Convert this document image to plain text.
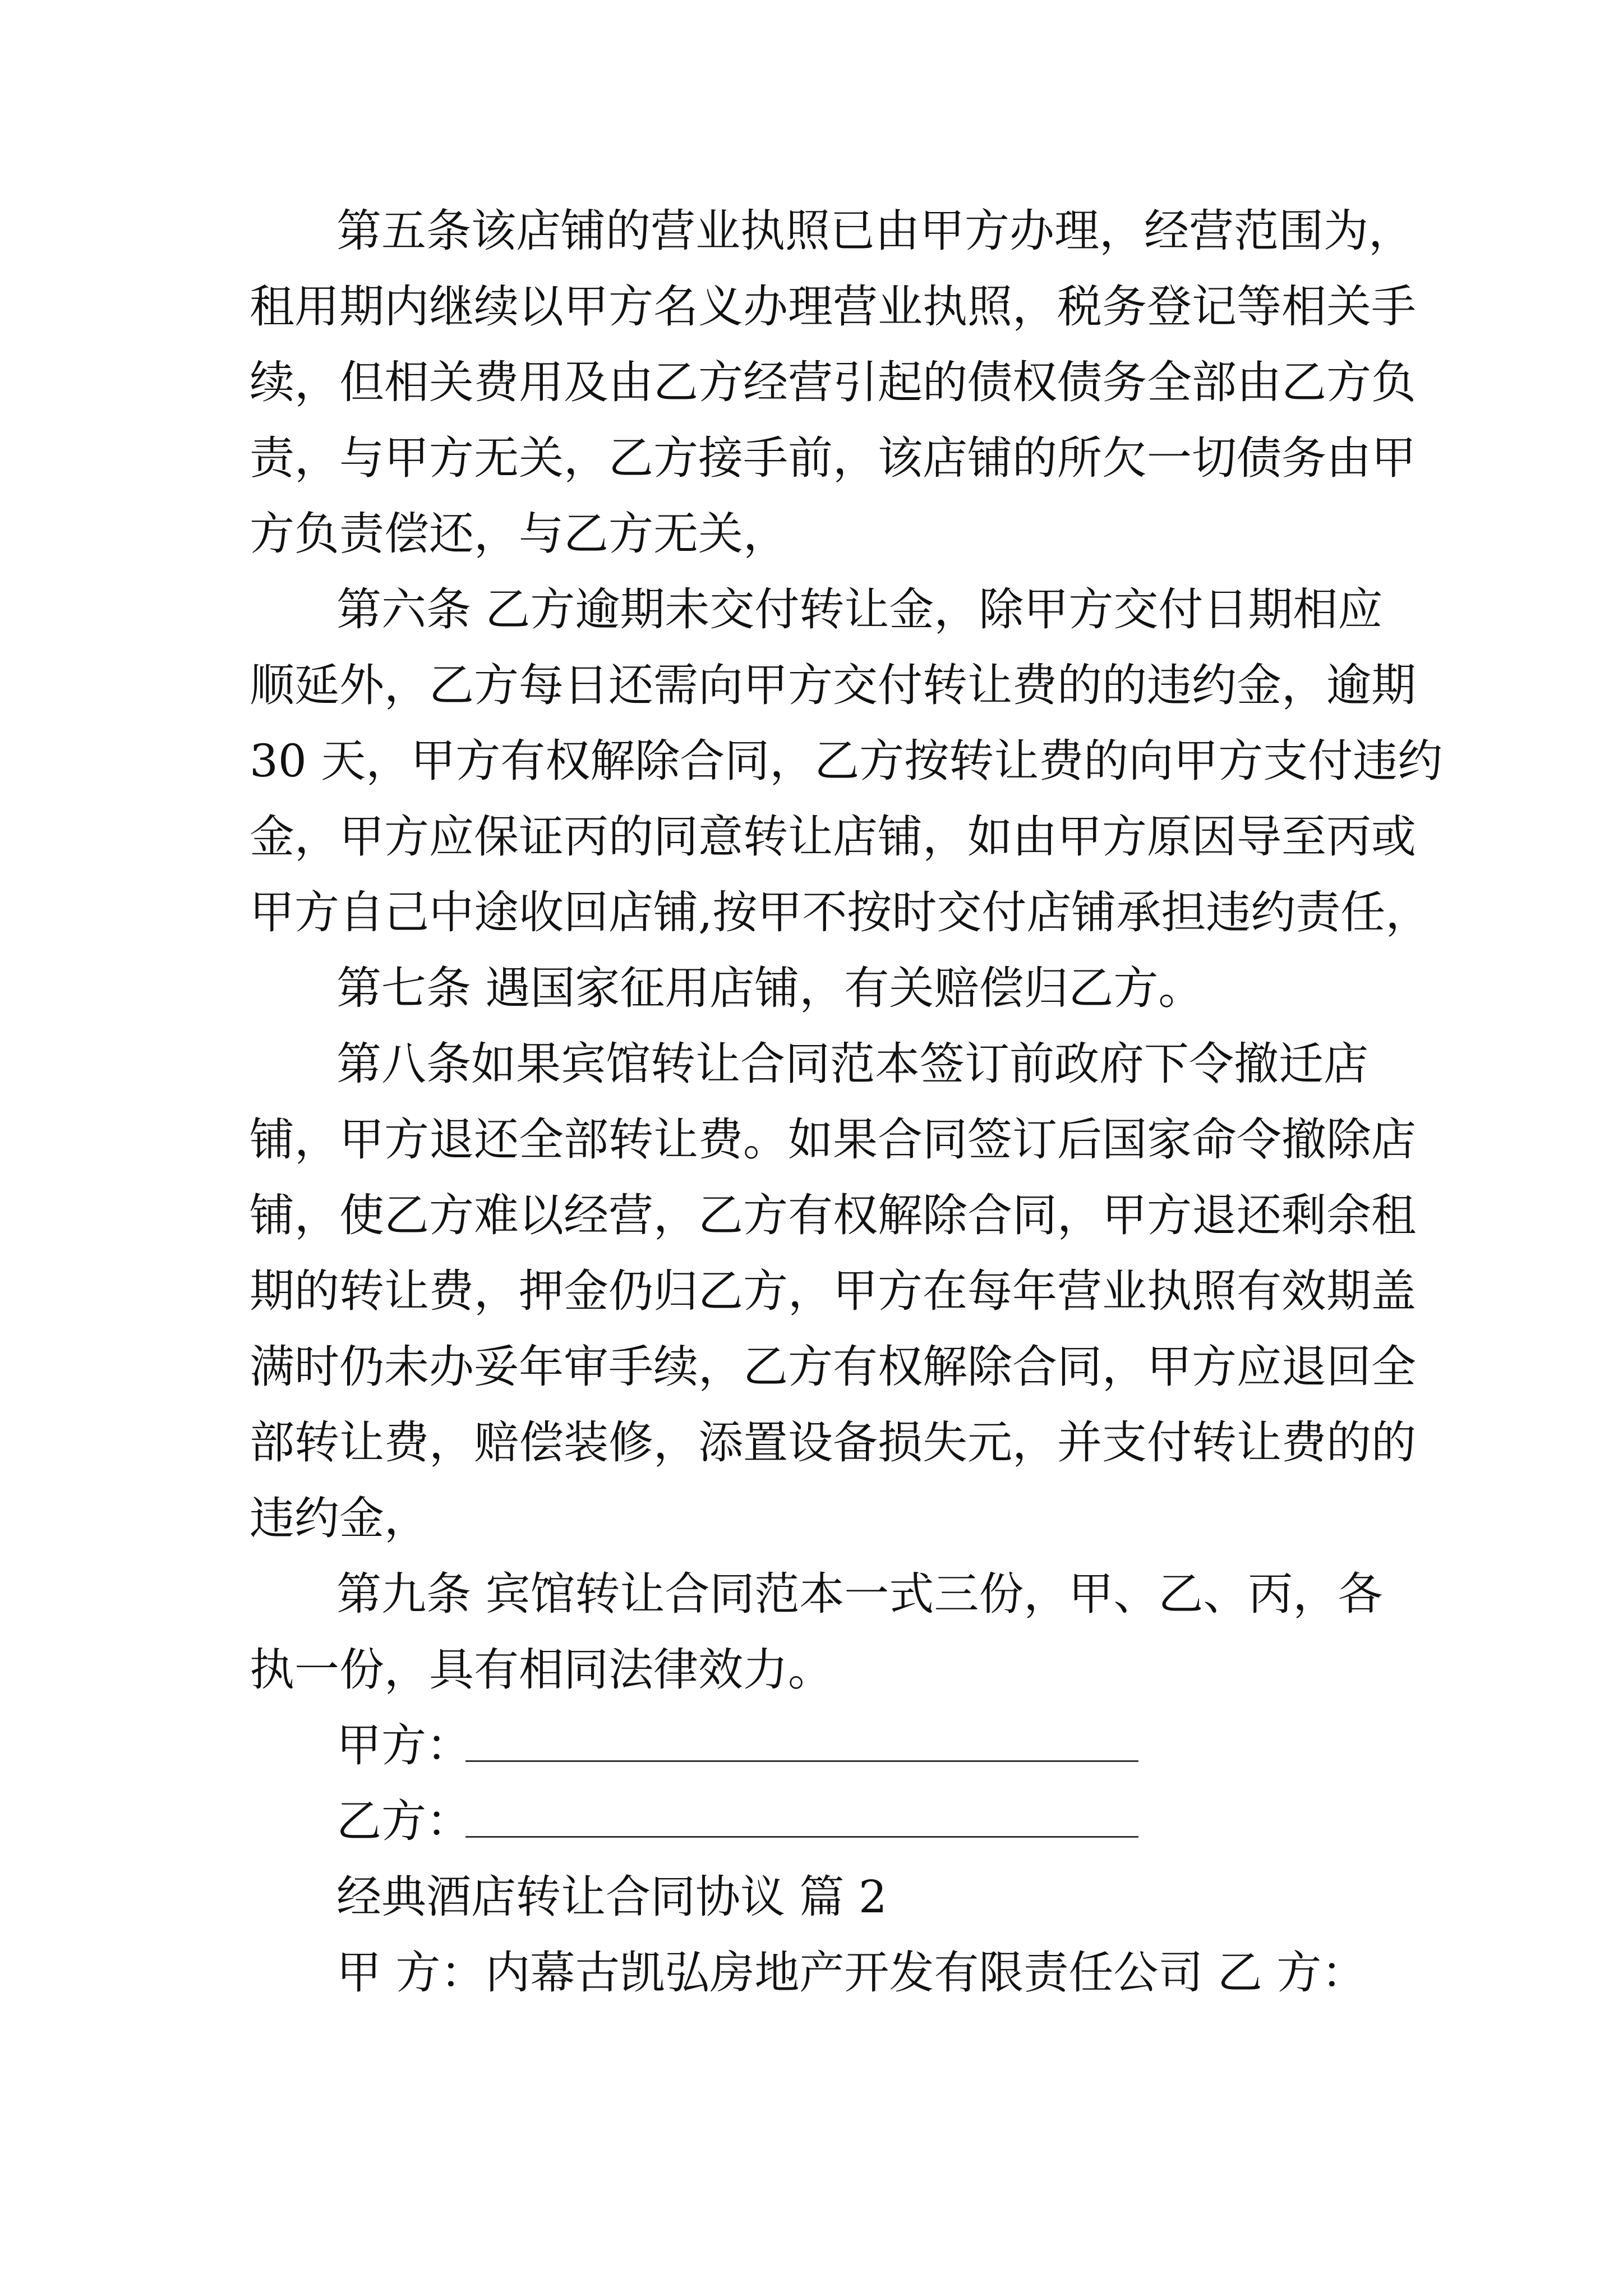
第五条该店铺的营业执照已由甲方办理，经营范围为，
租用期内继续以甲方名义办理营业执照，税务登记等相关手
续，但相关费用及由乙方经营引起的债权债务全部由乙方负
责，与甲方无关，乙方接手前，该店铺的所欠一切债务由甲
方负责偿还，与乙方无关，
第六条 乙方逾期未交付转让金，除甲方交付日期相应
顺延外，乙方每日还需向甲方交付转让费的的违约金，逾期
30 天，甲方有权解除合同，乙方按转让费的向甲方支付违约
金，甲方应保证丙的同意转让店铺，如由甲方原因导至丙或
甲方自己中途收回店铺,按甲不按时交付店铺承担违约责任，
第七条 遇国家征用店铺，有关赔偿归乙方。
第八条如果宾馆转让合同范本签订前政府下令撤迁店
铺，甲方退还全部转让费。如果合同签订后国家命令撤除店
铺，使乙方难以经营，乙方有权解除合同，甲方退还剩余租
期的转让费，押金仍归乙方，甲方在每年营业执照有效期盖
满时仍未办妥年审手续，乙方有权解除合同，甲方应退回全
部转让费，赔偿装修，添置设备损失元，并支付转让费的的
违约金，
第九条 宾馆转让合同范本一式三份，甲、乙、丙，各
执一份，具有相同法律效力。
甲方：
乙方：
经典酒店转让合同协议 篇 2
甲 方：内幕古凯弘房地产开发有限责任公司 乙 方：
